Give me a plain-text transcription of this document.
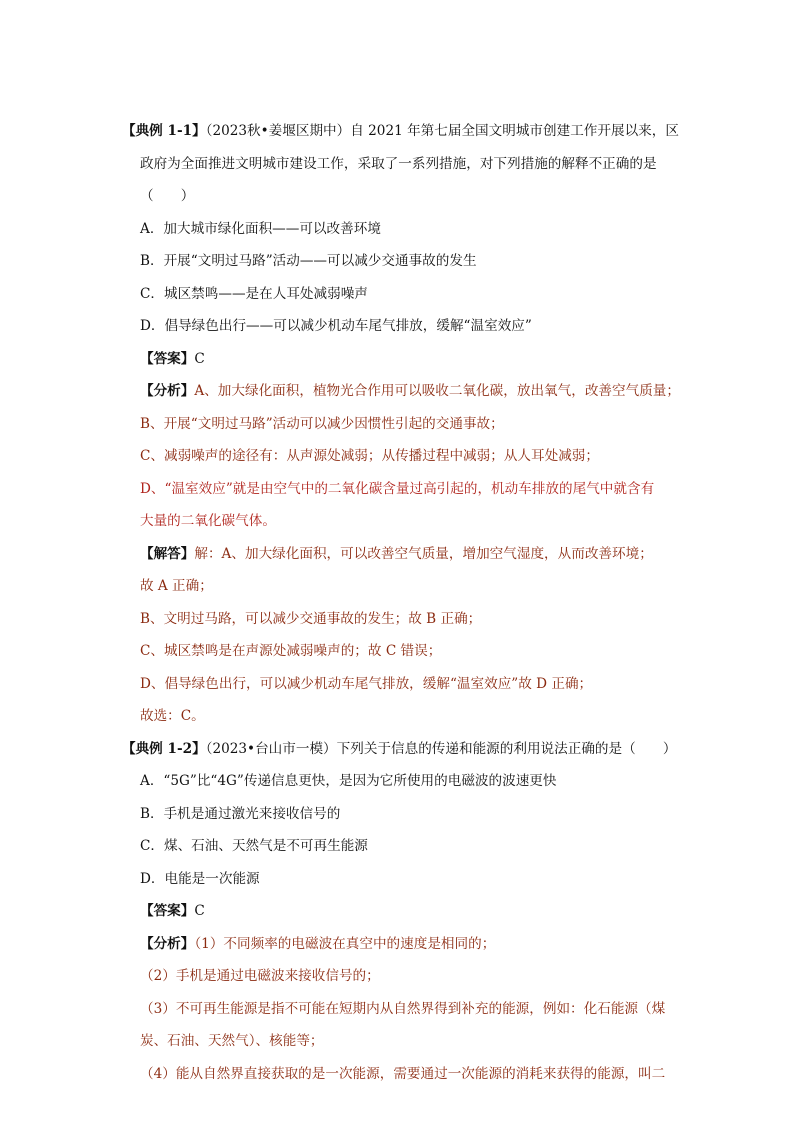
【典例 1-1】（2023秋•姜堰区期中）自 2021 年第七届全国文明城市创建工作开展以来，区
政府为全面推进文明城市建设工作，采取了一系列措施，对下列措施的解释不正确的是
（　　）
A．加大城市绿化面积——可以改善环境
B．开展“文明过马路”活动——可以减少交通事故的发生
C．城区禁鸣——是在人耳处减弱噪声
D．倡导绿色出行——可以减少机动车尾气排放，缓解“温室效应”
【答案】C
【分析】A、加大绿化面积，植物光合作用可以吸收二氧化碳，放出氧气，改善空气质量；
B、开展“文明过马路”活动可以减少因惯性引起的交通事故；
C、减弱噪声的途径有：从声源处减弱；从传播过程中减弱；从人耳处减弱；
D、“温室效应”就是由空气中的二氧化碳含量过高引起的，机动车排放的尾气中就含有
大量的二氧化碳气体。
【解答】解：A、加大绿化面积，可以改善空气质量，增加空气湿度，从而改善环境；
故 A 正确；
B、文明过马路，可以减少交通事故的发生；故 B 正确；
C、城区禁鸣是在声源处减弱噪声的；故 C 错误；
D、倡导绿色出行，可以减少机动车尾气排放，缓解“温室效应”故 D 正确；
故选：C。
【典例 1-2】（2023•台山市一模）下列关于信息的传递和能源的利用说法正确的是（　　）
A．“5G”比“4G”传递信息更快，是因为它所使用的电磁波的波速更快
B．手机是通过激光来接收信号的
C．煤、石油、天然气是不可再生能源
D．电能是一次能源
【答案】C
【分析】（1）不同频率的电磁波在真空中的速度是相同的；
（2）手机是通过电磁波来接收信号的；
（3）不可再生能源是指不可能在短期内从自然界得到补充的能源，例如：化石能源（煤
炭、石油、天然气）、核能等；
（4）能从自然界直接获取的是一次能源，需要通过一次能源的消耗来获得的能源，叫二
